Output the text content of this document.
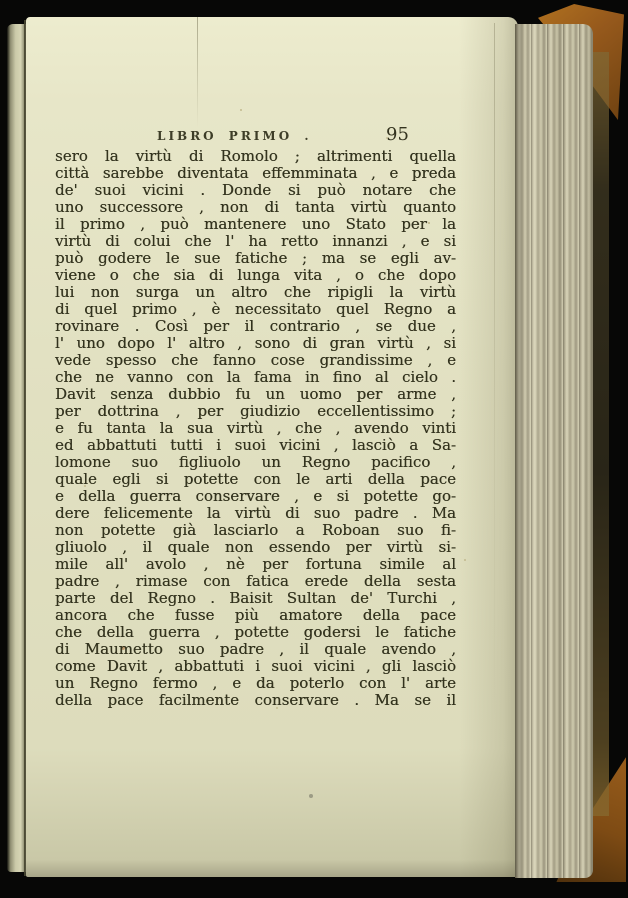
LIBRO PRIMO .	95
sero la virtù di Romolo ; altrimenti quella
città sarebbe diventata effemminata , e preda
de' suoi vicini . Donde si può notare che
uno successore , non di tanta virtù quanto
il primo , può mantenere uno Stato per la
virtù di colui che l' ha retto innanzi , e si
può godere le sue fatiche ; ma se egli av-
viene o che sia di lunga vita , o che dopo
lui non surga un altro che ripigli la virtù
di quel primo , è necessitato quel Regno a
rovinare . Così per il contrario , se due ,
l' uno dopo l' altro , sono di gran virtù , si
vede spesso che fanno cose grandissime , e
che ne vanno con la fama in fino al cielo .
Davit senza dubbio fu un uomo per arme ,
per dottrina , per giudizio eccellentissimo ;
e fu tanta la sua virtù , che , avendo vinti
ed abbattuti tutti i suoi vicini , lasciò a Sa-
lomone suo figliuolo un Regno pacifico ,
quale egli si potette con le arti della pace
e della guerra conservare , e si potette go-
dere felicemente la virtù di suo padre . Ma
non potette già lasciarlo a Roboan suo fi-
gliuolo , il quale non essendo per virtù si-
mile all' avolo , nè per fortuna simile al
padre , rimase con fatica erede della sesta
parte del Regno . Baisit Sultan de' Turchi ,
ancora che fusse più amatore della pace
che della guerra , potette godersi le fatiche
di Maumetto suo padre , il quale avendo ,
come Davit , abbattuti i suoi vicini , gli lasciò
un Regno fermo , e da poterlo con l' arte
della pace facilmente conservare . Ma se il
